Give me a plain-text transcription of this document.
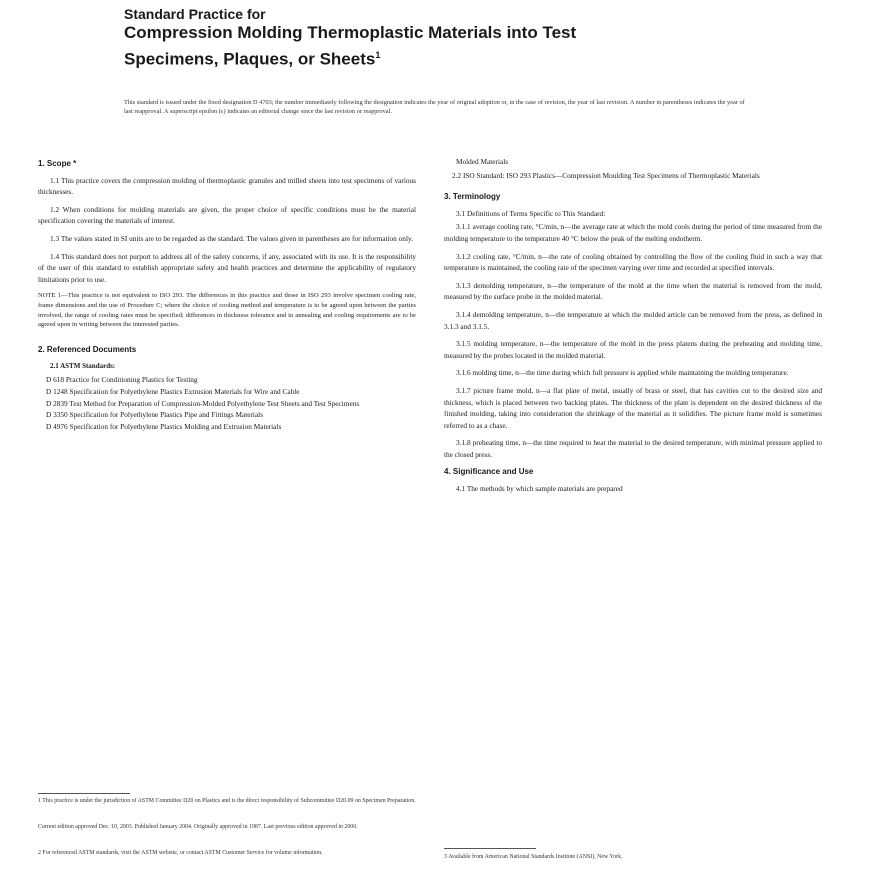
Standard Practice for
Compression Molding Thermoplastic Materials into Test
Specimens, Plaques, or Sheets$^1$
This standard is issued under the fixed designation D 4703; the number immediately following the designation indicates the year of original adoption or, in the case of revision, the year of last revision. A number in parentheses indicates the year of last reapproval. A superscript epsilon (ε) indicates an editorial change since the last revision or reapproval.
1. Scope *

1.1 This practice covers the compression molding of thermoplastic granules and milled sheets into test specimens of various thicknesses.

1.2 When conditions for molding materials are given, the proper choice of specific conditions must be the material specification covering the materials of interest.

1.3 The values stated in SI units are to be regarded as the standard. The values given in parentheses are for information only.

1.4 This standard does not purport to address all of the safety concerns, if any, associated with its use. It is the responsibility of the user of this standard to establish appropriate safety and health practices and determine the applicability of regulatory limitations prior to use.

NOTE 1—This practice is not equivalent to ISO 293. The differences in this practice and those in ISO 293 involve specimen cooling rate, frame dimensions and the use of Procedure C; where the choice of cooling method and temperature is to be agreed upon between the parties involved, the range of cooling rates must be specified; differences in thickness tolerance and in annealing and cooling requirements are to be agreed upon in writing between the interested parties.

2. Referenced Documents
2.1 ASTM Standards:

D 618 Practice for Conditioning Plastics for Testing

D 1248 Specification for Polyethylene Plastics Extrusion Materials for Wire and Cable

D 2839 Test Method for Preparation of Compression-Molded Polyethylene Test Sheets and Test Specimens

D 3350 Specification for Polyethylene Plastics Pipe and Fittings Materials

D 4976 Specification for Polyethylene Plastics Molding and Extrusion Materials

1 This practice is under the jurisdiction of ASTM Committee D20 on Plastics and is the direct responsibility of Subcommittee D20.09 on Specimen Preparation.
Current edition approved Dec. 10, 2003. Published January 2004. Originally approved in 1987. Last previous edition approved in 2000.
2 For referenced ASTM standards, visit the ASTM website, or contact ASTM Customer Service for volume information.

Molded Materials

2.2 ISO Standard: ISO 293 Plastics—Compression Moulding Test Specimens of Thermoplastic Materials

3. Terminology

3.1 Definitions of Terms Specific to This Standard:

3.1.1 average cooling rate, °C/min, n—the average rate at which the mold cools during the period of time measured from the molding temperature to the temperature 40 °C below the peak of the melting endotherm.

3.1.2 cooling rate, °C/min, n—the rate of cooling obtained by controlling the flow of the cooling fluid in such a way that temperature is maintained, the cooling rate of the specimen varying over time and recorded at specified intervals.

3.1.3 demolding temperature, n—the temperature of the mold at the time when the material is removed from the mold, measured by the surface probe in the molded material.

3.1.4 demolding temperature, n—the temperature at which the molded article can be removed from the press, as defined in 3.1.3 and 3.1.5.

3.1.5 molding temperature, n—the temperature of the mold in the press platens during the preheating and molding time, measured by the probes located in the molded material.

3.1.6 molding time, n—the time during which full pressure is applied while maintaining the molding temperature.

3.1.7 picture frame mold, n—a flat plate of metal, usually of brass or steel, that has cavities cut to the desired size and thickness, which is placed between two backing plates. The thickness of the plate is dependent on the desired thickness of the finished molding, taking into consideration the shrinkage of the material as it solidifies. The picture frame mold is sometimes referred to as a chase.

3.1.8 preheating time, n—the time required to heat the material to the desired temperature, with minimal pressure applied to the closed press.

4. Significance and Use

4.1 The methods by which sample materials are prepared

3 Available from American National Standards Institute (ANSI), New York.
